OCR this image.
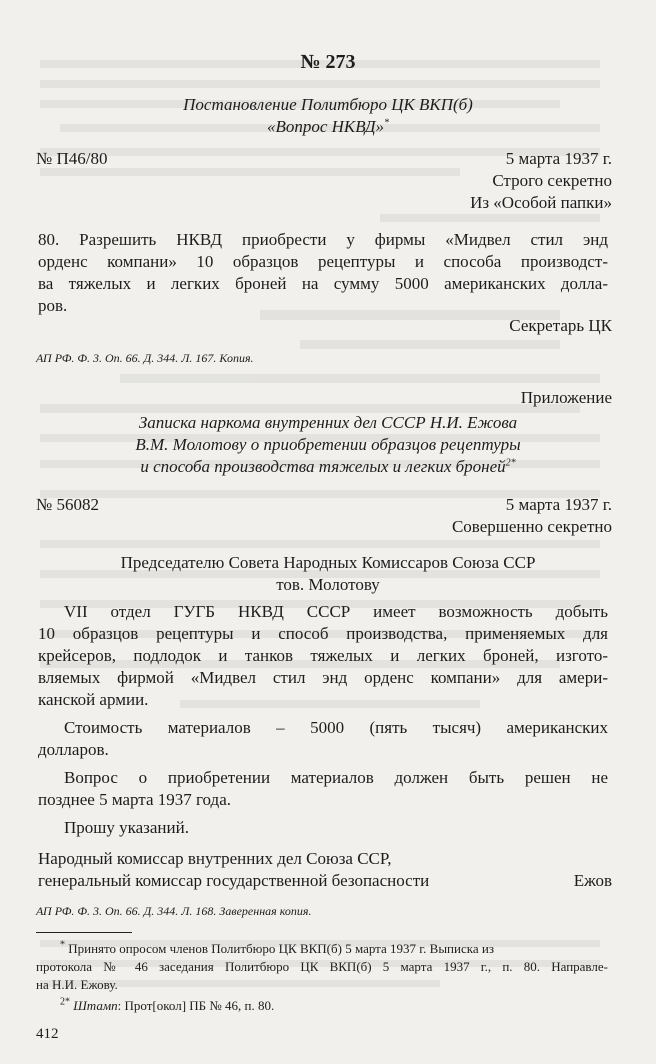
№ 273
Постановление Политбюро ЦК ВКП(б)
«Вопрос НКВД»*
№ П46/80	5 марта 1937 г.
Строго секретно
Из «Особой папки»
80. Разрешить НКВД приобрести у фирмы «Мидвел стил энд
орденс компани» 10 образцов рецептуры и способа производст-
ва тяжелых и легких броней на сумму 5000 американских долла-
ров.
Секретарь ЦК
АП РФ. Ф. 3. Оп. 66. Д. 344. Л. 167. Копия.
Приложение
Записка наркома внутренних дел СССР Н.И. Ежова
В.М. Молотову о приобретении образцов рецептуры
и способа производства тяжелых и легких броней$^{2*}$
№ 56082	5 марта 1937 г.
Совершенно секретно
Председателю Совета Народных Комиссаров Союза ССР
тов. Молотову
VII отдел ГУГБ НКВД СССР имеет возможность добыть
10 образцов рецептуры и способ производства, применяемых для
крейсеров, подлодок и танков тяжелых и легких броней, изгото-
вляемых фирмой «Мидвел стил энд орденс компани» для амери-
канской армии.
Стоимость материалов – 5000 (пять тысяч) американских
долларов.
Вопрос о приобретении материалов должен быть решен не
позднее 5 марта 1937 года.
Прошу указаний.
Народный комиссар внутренних дел Союза ССР,
генеральный комиссар государственной безопасности	Ежов
АП РФ. Ф. 3. Оп. 66. Д. 344. Л. 168. Заверенная копия.
* Принято опросом членов Политбюро ЦК ВКП(б) 5 марта 1937 г. Выписка из
протокола № 46 заседания Политбюро ЦК ВКП(б) 5 марта 1937 г., п. 80. Направле-
на Н.И. Ежову.
$^{2*}$ Штамп: Прот[окол] ПБ № 46, п. 80.
412
